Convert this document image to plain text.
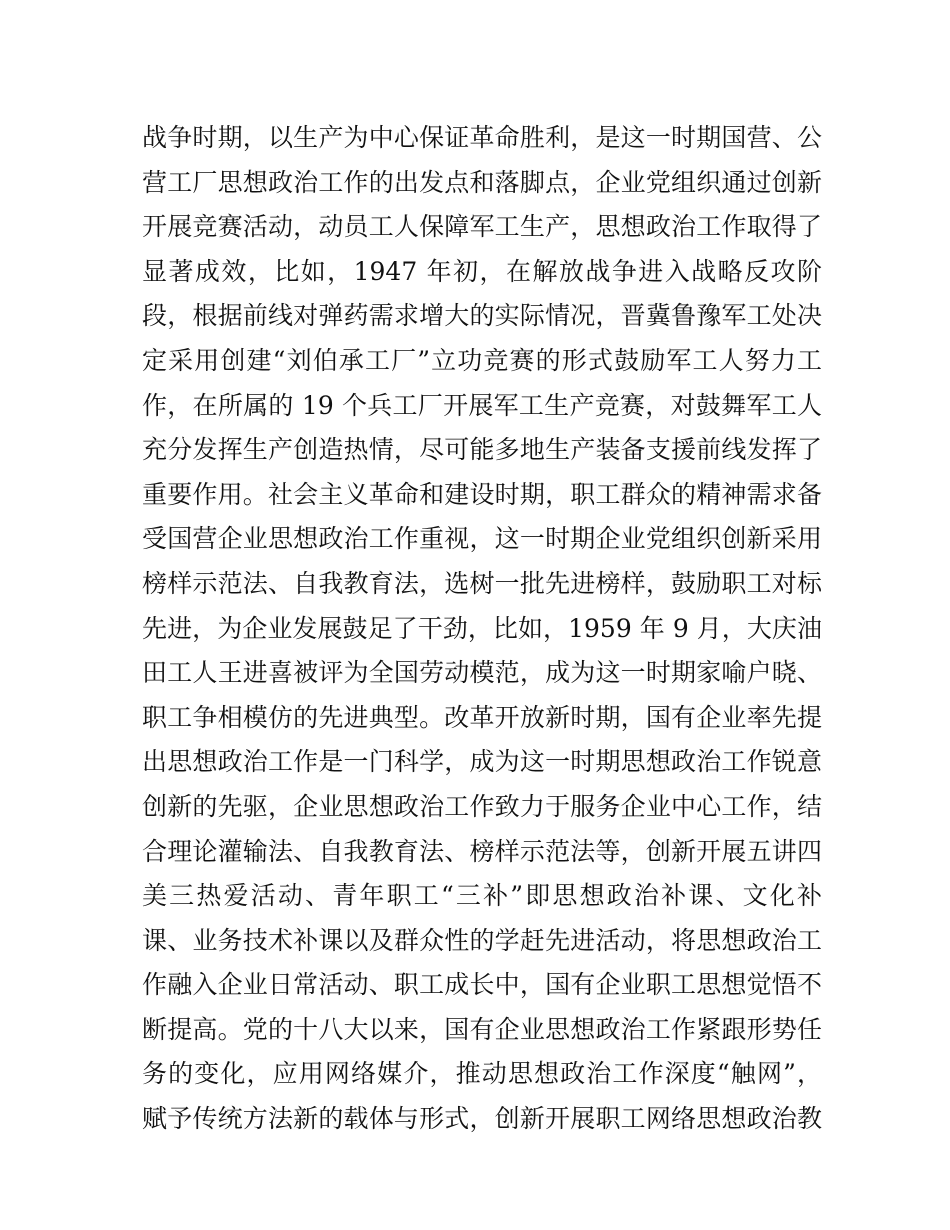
战争时期，以生产为中心保证革命胜利，是这一时期国营、公
营工厂思想政治工作的出发点和落脚点，企业党组织通过创新
开展竞赛活动，动员工人保障军工生产，思想政治工作取得了
显著成效，比如，1947 年初，在解放战争进入战略反攻阶
段，根据前线对弹药需求增大的实际情况，晋冀鲁豫军工处决
定采用创建“刘伯承工厂”立功竞赛的形式鼓励军工人努力工
作，在所属的 19 个兵工厂开展军工生产竞赛，对鼓舞军工人
充分发挥生产创造热情，尽可能多地生产装备支援前线发挥了
重要作用。社会主义革命和建设时期，职工群众的精神需求备
受国营企业思想政治工作重视，这一时期企业党组织创新采用
榜样示范法、自我教育法，选树一批先进榜样，鼓励职工对标
先进，为企业发展鼓足了干劲，比如，1959 年 9 月，大庆油
田工人王进喜被评为全国劳动模范，成为这一时期家喻户晓、
职工争相模仿的先进典型。改革开放新时期，国有企业率先提
出思想政治工作是一门科学，成为这一时期思想政治工作锐意
创新的先驱，企业思想政治工作致力于服务企业中心工作，结
合理论灌输法、自我教育法、榜样示范法等，创新开展五讲四
美三热爱活动、青年职工“三补”即思想政治补课、文化补
课、业务技术补课以及群众性的学赶先进活动，将思想政治工
作融入企业日常活动、职工成长中，国有企业职工思想觉悟不
断提高。党的十八大以来，国有企业思想政治工作紧跟形势任
务的变化，应用网络媒介，推动思想政治工作深度“触网”，
赋予传统方法新的载体与形式，创新开展职工网络思想政治教
